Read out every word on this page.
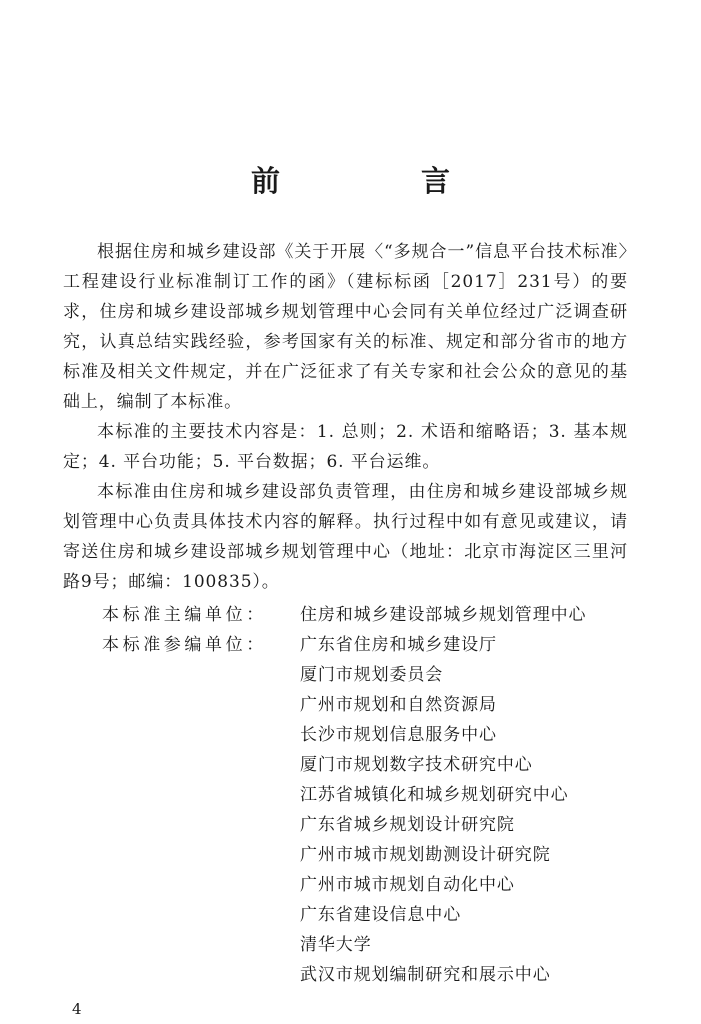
前　言

根据住房和城乡建设部《关于开展〈“多规合一”信息平台技术标准〉工程建设行业标准制订工作的函》（建标标函［2017］231号）的要求，住房和城乡建设部城乡规划管理中心会同有关单位经过广泛调查研究，认真总结实践经验，参考国家有关的标准、规定和部分省市的地方标准及相关文件规定，并在广泛征求了有关专家和社会公众的意见的基础上，编制了本标准。

本标准的主要技术内容是：1. 总则；2. 术语和缩略语；3. 基本规定；4. 平台功能；5. 平台数据；6. 平台运维。

本标准由住房和城乡建设部负责管理，由住房和城乡建设部城乡规划管理中心负责具体技术内容的解释。执行过程中如有意见或建议，请寄送住房和城乡建设部城乡规划管理中心（地址：北京市海淀区三里河路9号；邮编：100835）。

本标准主编单位：	住房和城乡建设部城乡规划管理中心
本标准参编单位：	广东省住房和城乡建设厅
厦门市规划委员会
广州市规划和自然资源局
长沙市规划信息服务中心
厦门市规划数字技术研究中心
江苏省城镇化和城乡规划研究中心
广东省城乡规划设计研究院
广州市城市规划勘测设计研究院
广州市城市规划自动化中心
广东省建设信息中心
清华大学
武汉市规划编制研究和展示中心
4
